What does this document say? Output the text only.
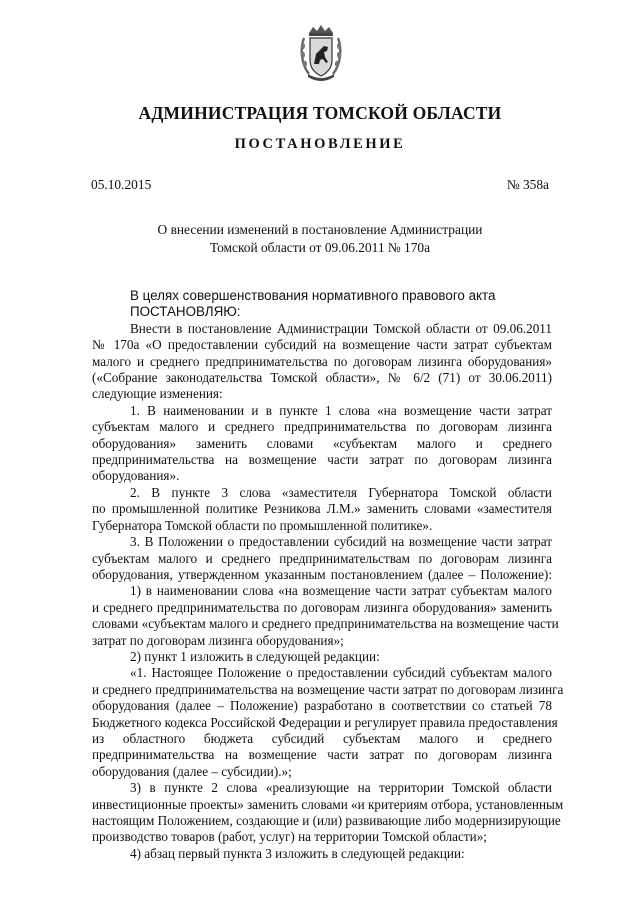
АДМИНИСТРАЦИЯ ТОМСКОЙ ОБЛАСТИ
ПОСТАНОВЛЕНИЕ
05.10.2015	№ 358а
О внесении изменений в постановление Администрации
Томской области от 09.06.2011 № 170а
В целях совершенствования нормативного правового акта
ПОСТАНОВЛЯЮ:
Внести в постановление Администрации Томской области от 09.06.2011
№ 170а «О предоставлении субсидий на возмещение части затрат субъектам
малого и среднего предпринимательства по договорам лизинга оборудования»
(«Собрание законодательства Томской области», № 6/2 (71) от 30.06.2011)
следующие изменения:
1. В наименовании и в пункте 1 слова «на возмещение части затрат
субъектам малого и среднего предпринимательства по договорам лизинга
оборудования» заменить словами «субъектам малого и среднего
предпринимательства на возмещение части затрат по договорам лизинга
оборудования».
2. В пункте 3 слова «заместителя Губернатора Томской области
по промышленной политике Резникова Л.М.» заменить словами «заместителя
Губернатора Томской области по промышленной политике».
3. В Положении о предоставлении субсидий на возмещение части затрат
субъектам малого и среднего предпринимательствам по договорам лизинга
оборудования, утвержденном указанным постановлением (далее – Положение):
1) в наименовании слова «на возмещение части затрат субъектам малого
и среднего предпринимательства по договорам лизинга оборудования» заменить
словами «субъектам малого и среднего предпринимательства на возмещение части
затрат по договорам лизинга оборудования»;
2) пункт 1 изложить в следующей редакции:
«1. Настоящее Положение о предоставлении субсидий субъектам малого
и среднего предпринимательства на возмещение части затрат по договорам лизинга
оборудования (далее – Положение) разработано в соответствии со статьей 78
Бюджетного кодекса Российской Федерации и регулирует правила предоставления
из областного бюджета субсидий субъектам малого и среднего
предпринимательства на возмещение части затрат по договорам лизинга
оборудования (далее – субсидии).»;
3) в пункте 2 слова «реализующие на территории Томской области
инвестиционные проекты» заменить словами «и критериям отбора, установленным
настоящим Положением, создающие и (или) развивающие либо модернизирующие
производство товаров (работ, услуг) на территории Томской области»;
4) абзац первый пункта 3 изложить в следующей редакции:
